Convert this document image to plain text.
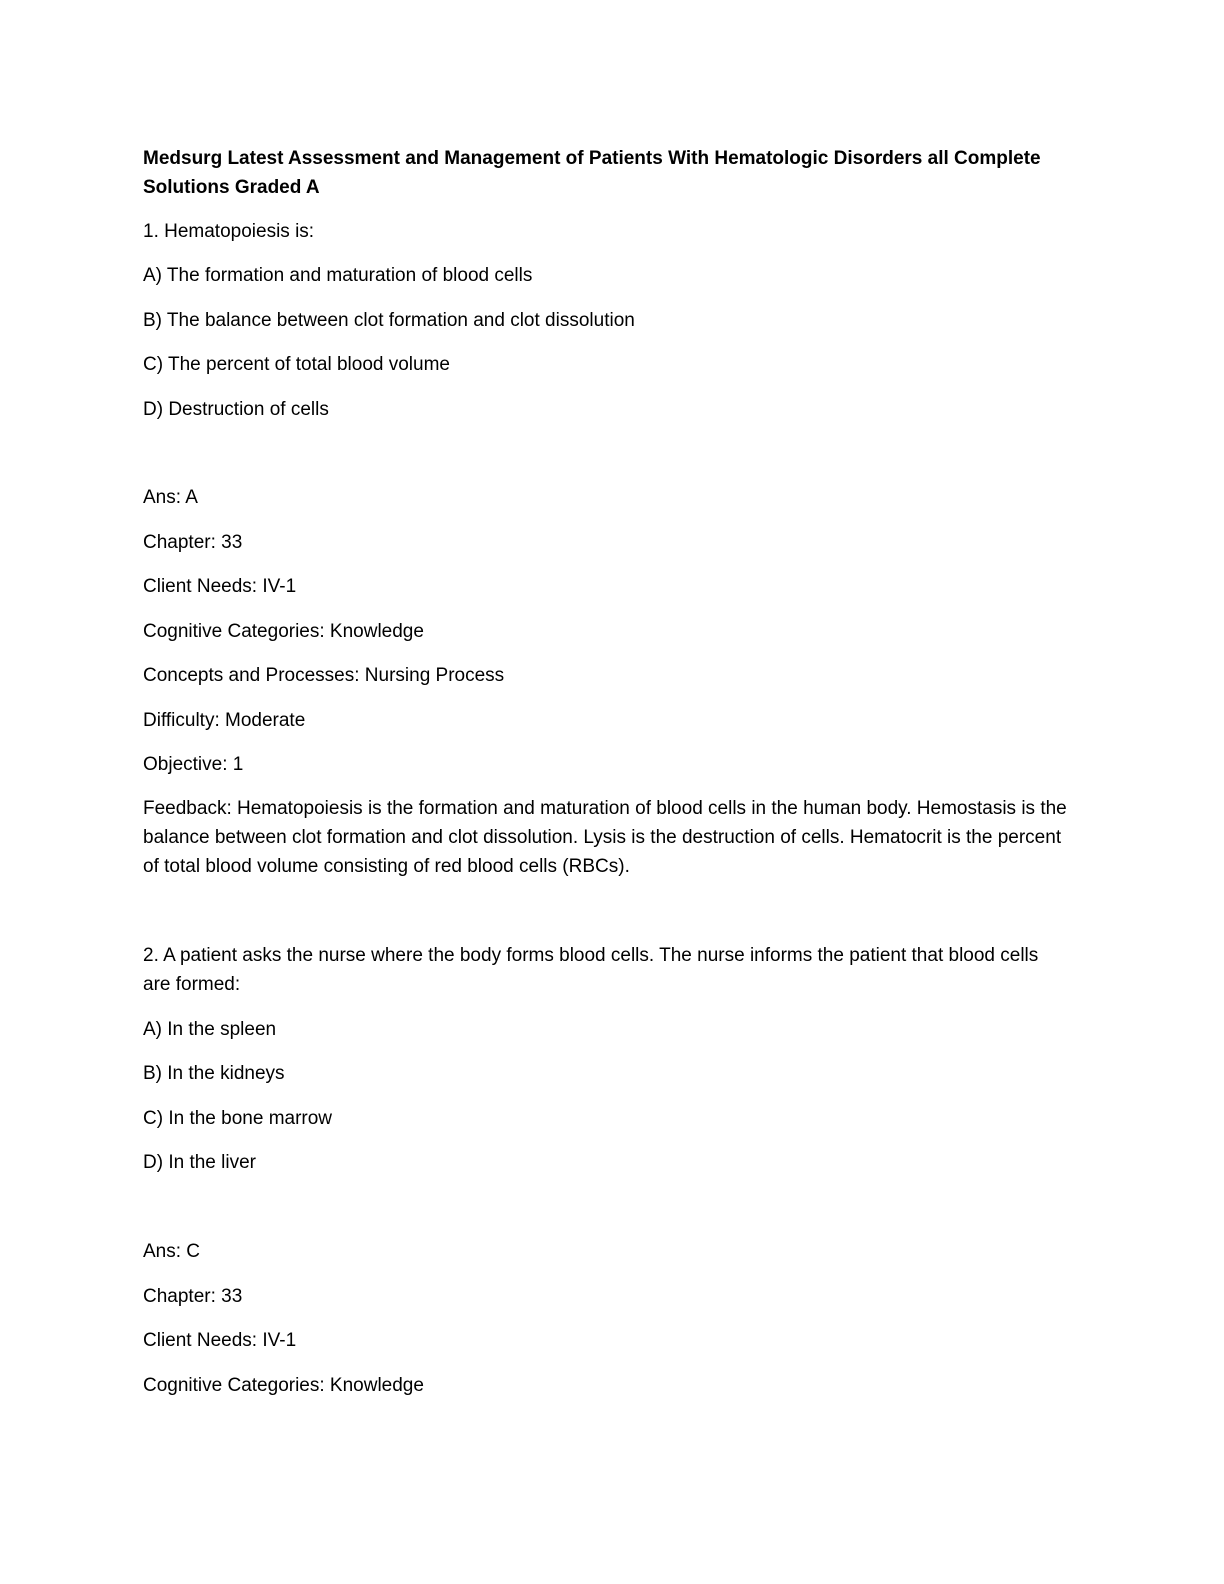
Medsurg Latest Assessment and Management of Patients With Hematologic Disorders all Complete Solutions Graded A

1. Hematopoiesis is:

A) The formation and maturation of blood cells

B) The balance between clot formation and clot dissolution

C) The percent of total blood volume

D) Destruction of cells

Ans: A

Chapter: 33

Client Needs: IV-1

Cognitive Categories: Knowledge

Concepts and Processes: Nursing Process

Difficulty: Moderate

Objective: 1

Feedback: Hematopoiesis is the formation and maturation of blood cells in the human body. Hemostasis is the balance between clot formation and clot dissolution. Lysis is the destruction of cells. Hematocrit is the percent of total blood volume consisting of red blood cells (RBCs).

2. A patient asks the nurse where the body forms blood cells. The nurse informs the patient that blood cells are formed:

A) In the spleen

B) In the kidneys

C) In the bone marrow

D) In the liver

Ans: C

Chapter: 33

Client Needs: IV-1

Cognitive Categories: Knowledge
